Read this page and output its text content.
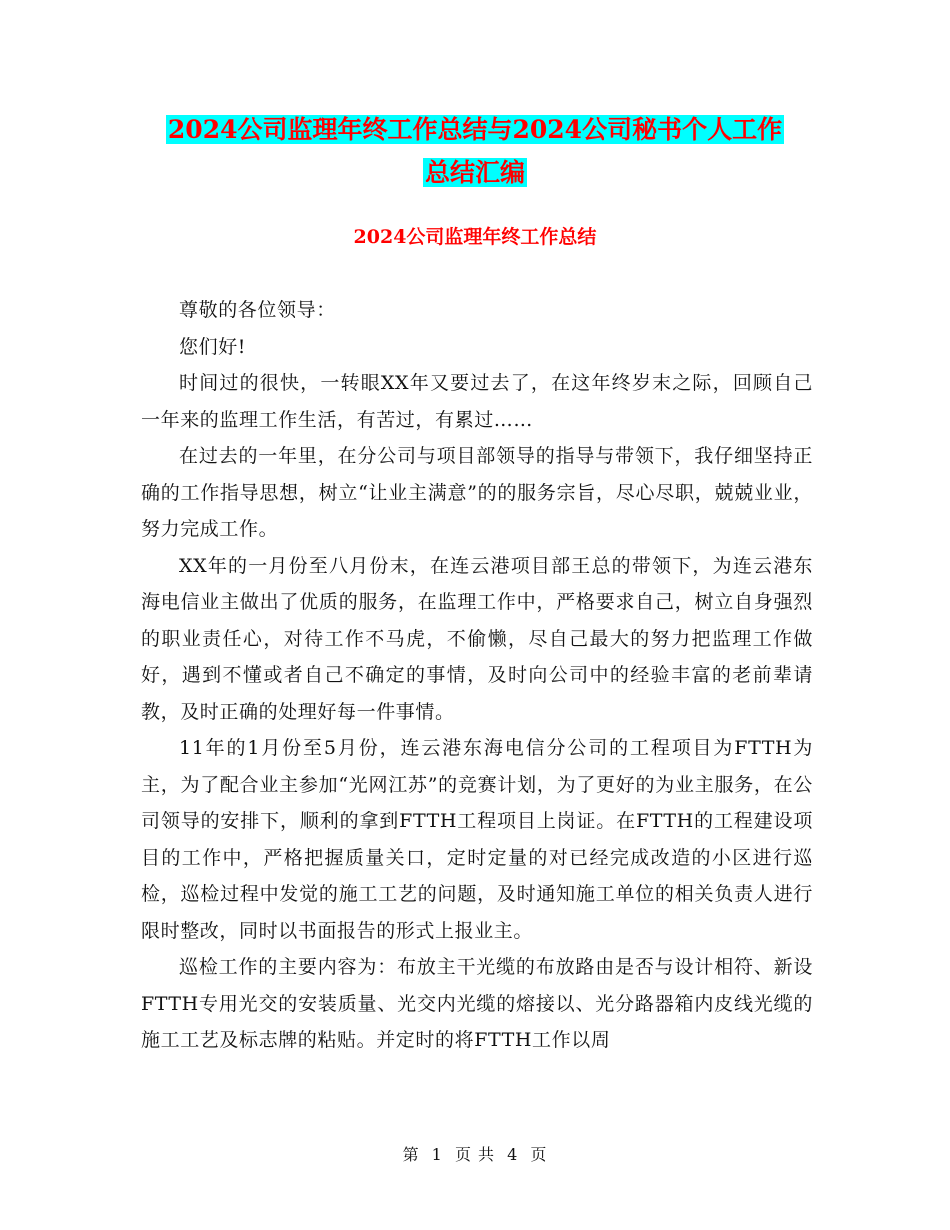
2024公司监理年终工作总结与2024公司秘书个人工作
总结汇编
2024公司监理年终工作总结

尊敬的各位领导：

您们好!

时间过的很快，一转眼XX年又要过去了，在这年终岁末之际，回顾自己一年来的监理工作生活，有苦过，有累过……

在过去的一年里，在分公司与项目部领导的指导与带领下，我仔细坚持正确的工作指导思想，树立“让业主满意”的的服务宗旨，尽心尽职，兢兢业业，努力完成工作。

XX年的一月份至八月份末，在连云港项目部王总的带领下，为连云港东海电信业主做出了优质的服务，在监理工作中，严格要求自己，树立自身强烈的职业责任心，对待工作不马虎，不偷懒，尽自己最大的努力把监理工作做好，遇到不懂或者自己不确定的事情，及时向公司中的经验丰富的老前辈请教，及时正确的处理好每一件事情。

11年的1月份至5月份，连云港东海电信分公司的工程项目为FTTH为主，为了配合业主参加“光网江苏”的竞赛计划，为了更好的为业主服务，在公司领导的安排下，顺利的拿到FTTH工程项目上岗证。在FTTH的工程建设项目的工作中，严格把握质量关口，定时定量的对已经完成改造的小区进行巡检，巡检过程中发觉的施工工艺的问题，及时通知施工单位的相关负责人进行限时整改，同时以书面报告的形式上报业主。

巡检工作的主要内容为：布放主干光缆的布放路由是否与设计相符、新设FTTH专用光交的安装质量、光交内光缆的熔接以、光分路器箱内皮线光缆的施工工艺及标志牌的粘贴。并定时的将FTTH工作以周

第 1 页 共 4 页
